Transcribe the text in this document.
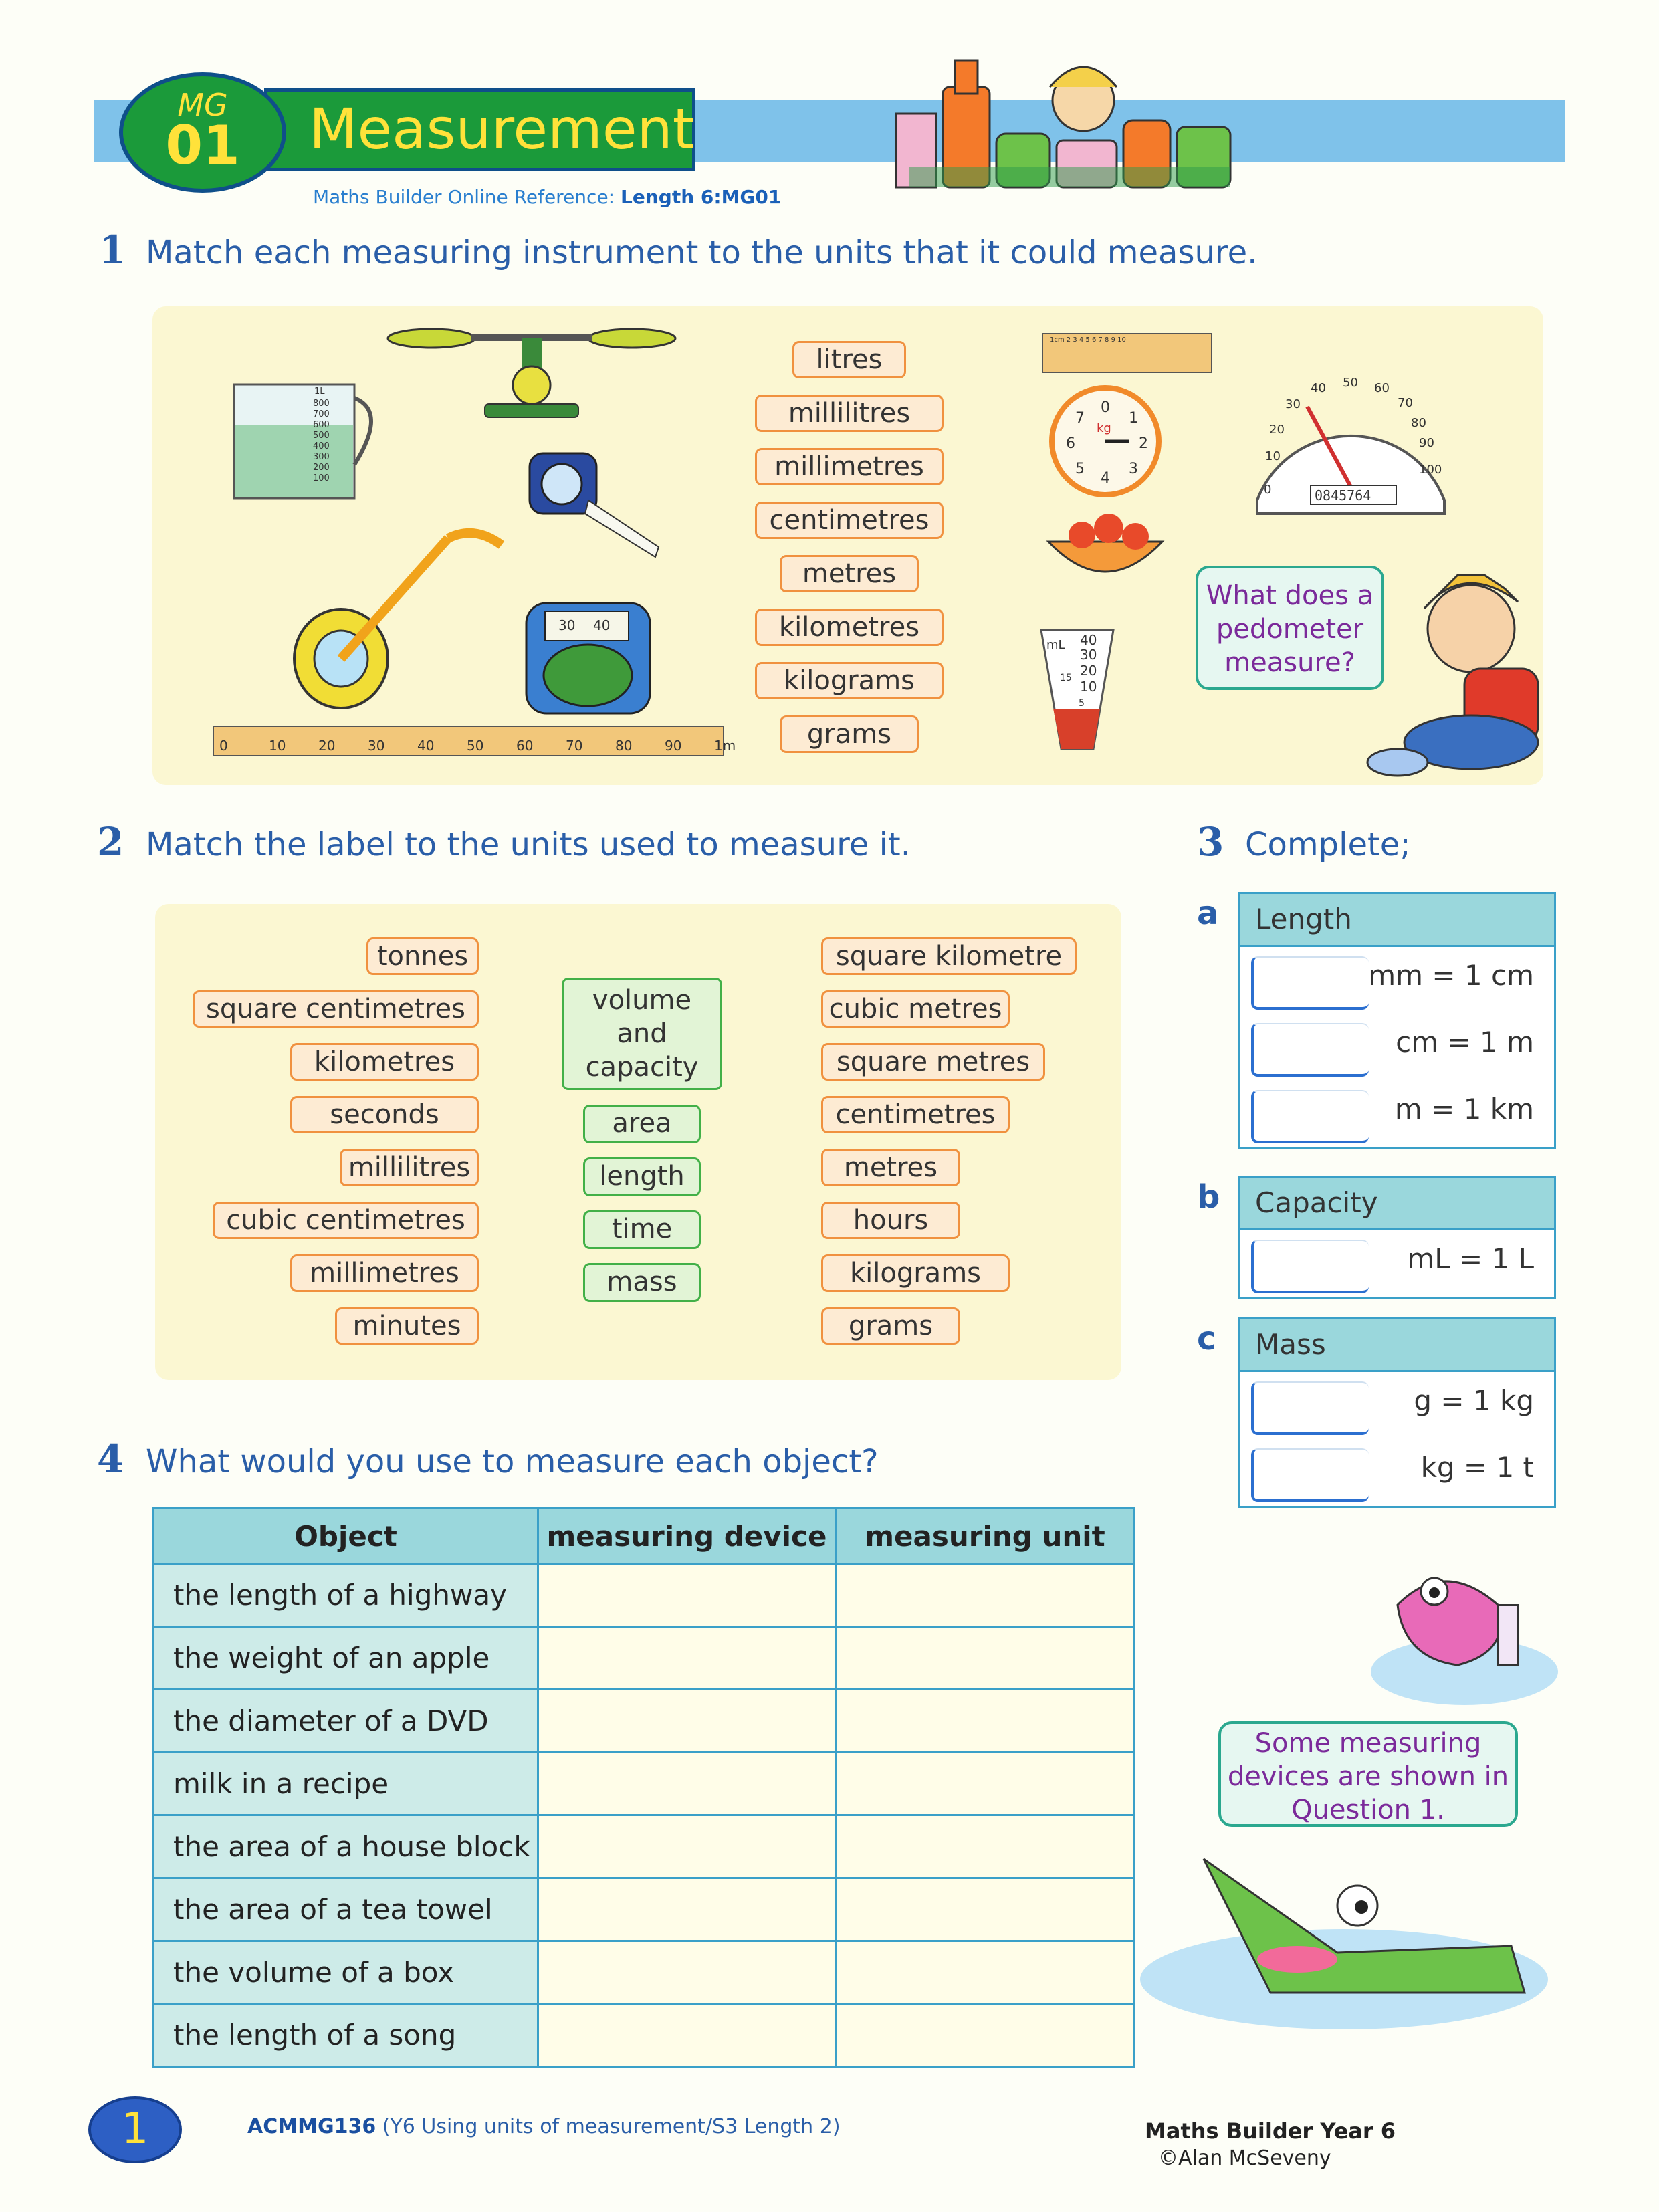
Measurement
MG
01
Maths Builder Online Reference: Length 6:MG01
1 Match each measuring instrument to the units that it could measure.
litres
millilitres
millimetres
centimetres
metres
kilometres
kilograms
grams
1L
800
700
600
500
400
300
200
100
30 40
0	10 20 30 40 50 60 70 80 90 1m
1cm 2 3 4 5 6 7 8 9 10
0
1
2
3
4
5
6
7
kg
0
10
20
30
40 50 60
70
80
90
100
0845764
mL 40
30
20
15
10
5
What does a pedometer measure?
2 Match the label to the units used to measure it.
tonnes
square centimetres
kilometres
seconds
millilitres
cubic centimetres
millimetres
minutes
volume and capacity
area
length
time
mass
square kilometre
cubic metres
square metres
centimetres
metres
hours
kilograms
grams
3 Complete;
a	Length
mm = 1 cm
cm = 1 m
m = 1 km
b	Capacity
mL = 1 L
c	Mass
g = 1 kg
kg = 1 t
4 What would you use to measure each object?
Object	measuring device	measuring unit
the length of a highway		
the weight of an apple		
the diameter of a DVD		
milk in a recipe		
the area of a house block		
the area of a tea towel		
the volume of a box		
the length of a song		
Some measuring devices are shown in Question 1.
1	ACMMG136 (Y6 Using units of measurement/S3 Length 2)	Maths Builder Year 6
©Alan McSeveny
